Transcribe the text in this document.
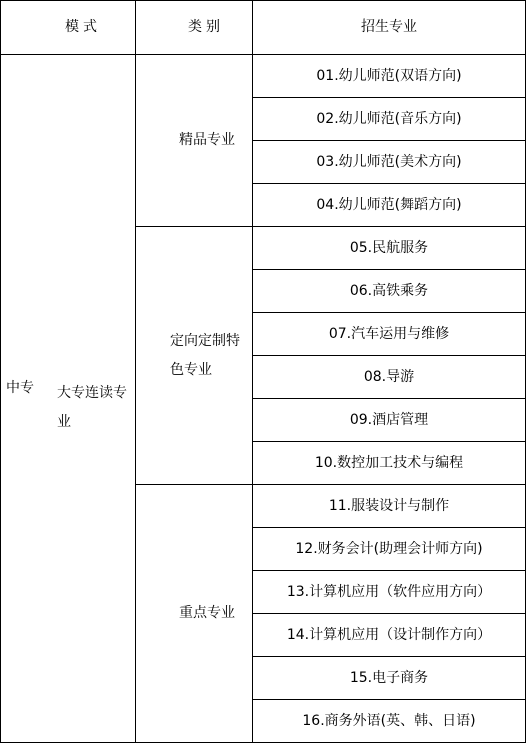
模式	类别	招生专业

中专 大专连读专业	精品专业	01.幼儿师范(双语方向)
		02.幼儿师范(音乐方向)
		03.幼儿师范(美术方向)
		04.幼儿师范(舞蹈方向)
	定向定制特色专业	05.民航服务
		06.高铁乘务
		07.汽车运用与维修
		08.导游
		09.酒店管理
		10.数控加工技术与编程
	重点专业	11.服装设计与制作
		12.财务会计(助理会计师方向)
		13.计算机应用（软件应用方向）
		14.计算机应用（设计制作方向）
		15.电子商务
		16.商务外语(英、韩、日语)
